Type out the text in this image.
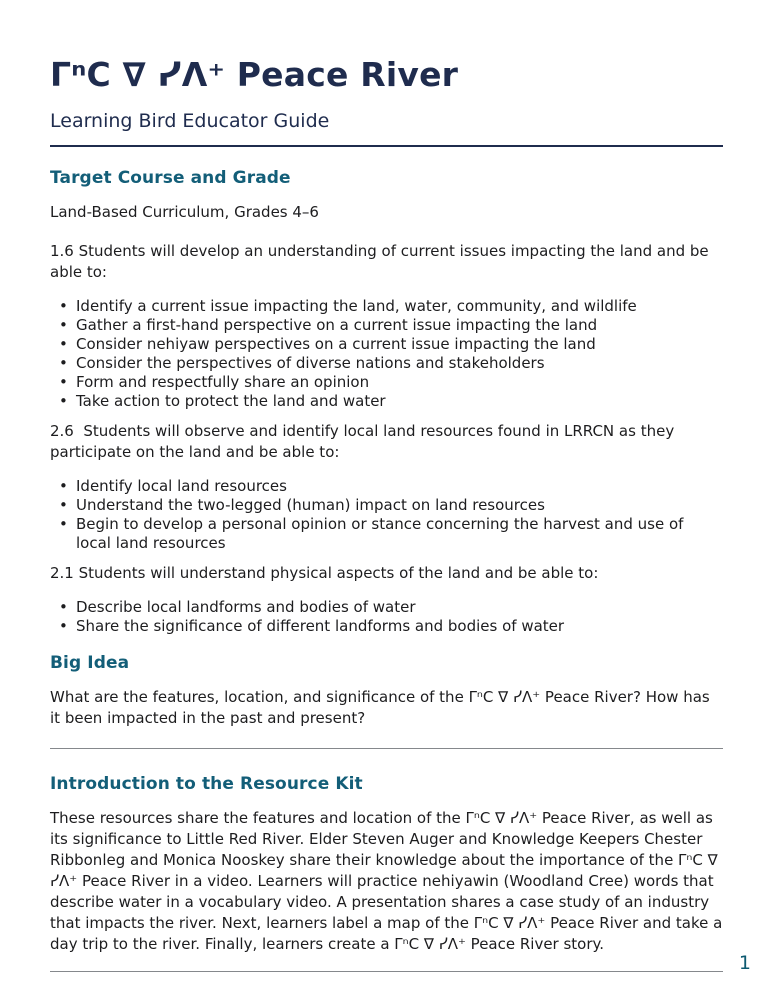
ΓⁿC ∇ ᓯΛ⁺ Peace River
Learning Bird Educator Guide
Target Course and Grade

Land-Based Curriculum, Grades 4–6

1.6 Students will develop an understanding of current issues impacting the land and be able to:

• Identify a current issue impacting the land, water, community, and wildlife
• Gather a first-hand perspective on a current issue impacting the land
• Consider nehiyaw perspectives on a current issue impacting the land
• Consider the perspectives of diverse nations and stakeholders
• Form and respectfully share an opinion
• Take action to protect the land and water

2.6  Students will observe and identify local land resources found in LRRCN as they participate on the land and be able to:

• Identify local land resources
• Understand the two-legged (human) impact on land resources
• Begin to develop a personal opinion or stance concerning the harvest and use of local land resources

2.1 Students will understand physical aspects of the land and be able to:

• Describe local landforms and bodies of water
• Share the significance of different landforms and bodies of water
Big Idea

What are the features, location, and significance of the ΓⁿC ∇ ᓯΛ⁺ Peace River? How has it been impacted in the past and present?

Introduction to the Resource Kit

These resources share the features and location of the ΓⁿC ∇ ᓯΛ⁺ Peace River, as well as its significance to Little Red River. Elder Steven Auger and Knowledge Keepers Chester Ribbonleg and Monica Nooskey share their knowledge about the importance of the ΓⁿC ∇ ᓯΛ⁺ Peace River in a video. Learners will practice nehiyawin (Woodland Cree) words that describe water in a vocabulary video. A presentation shares a case study of an industry that impacts the river. Next, learners label a map of the ΓⁿC ∇ ᓯΛ⁺ Peace River and take a day trip to the river. Finally, learners create a ΓⁿC ∇ ᓯΛ⁺ Peace River story.

1
